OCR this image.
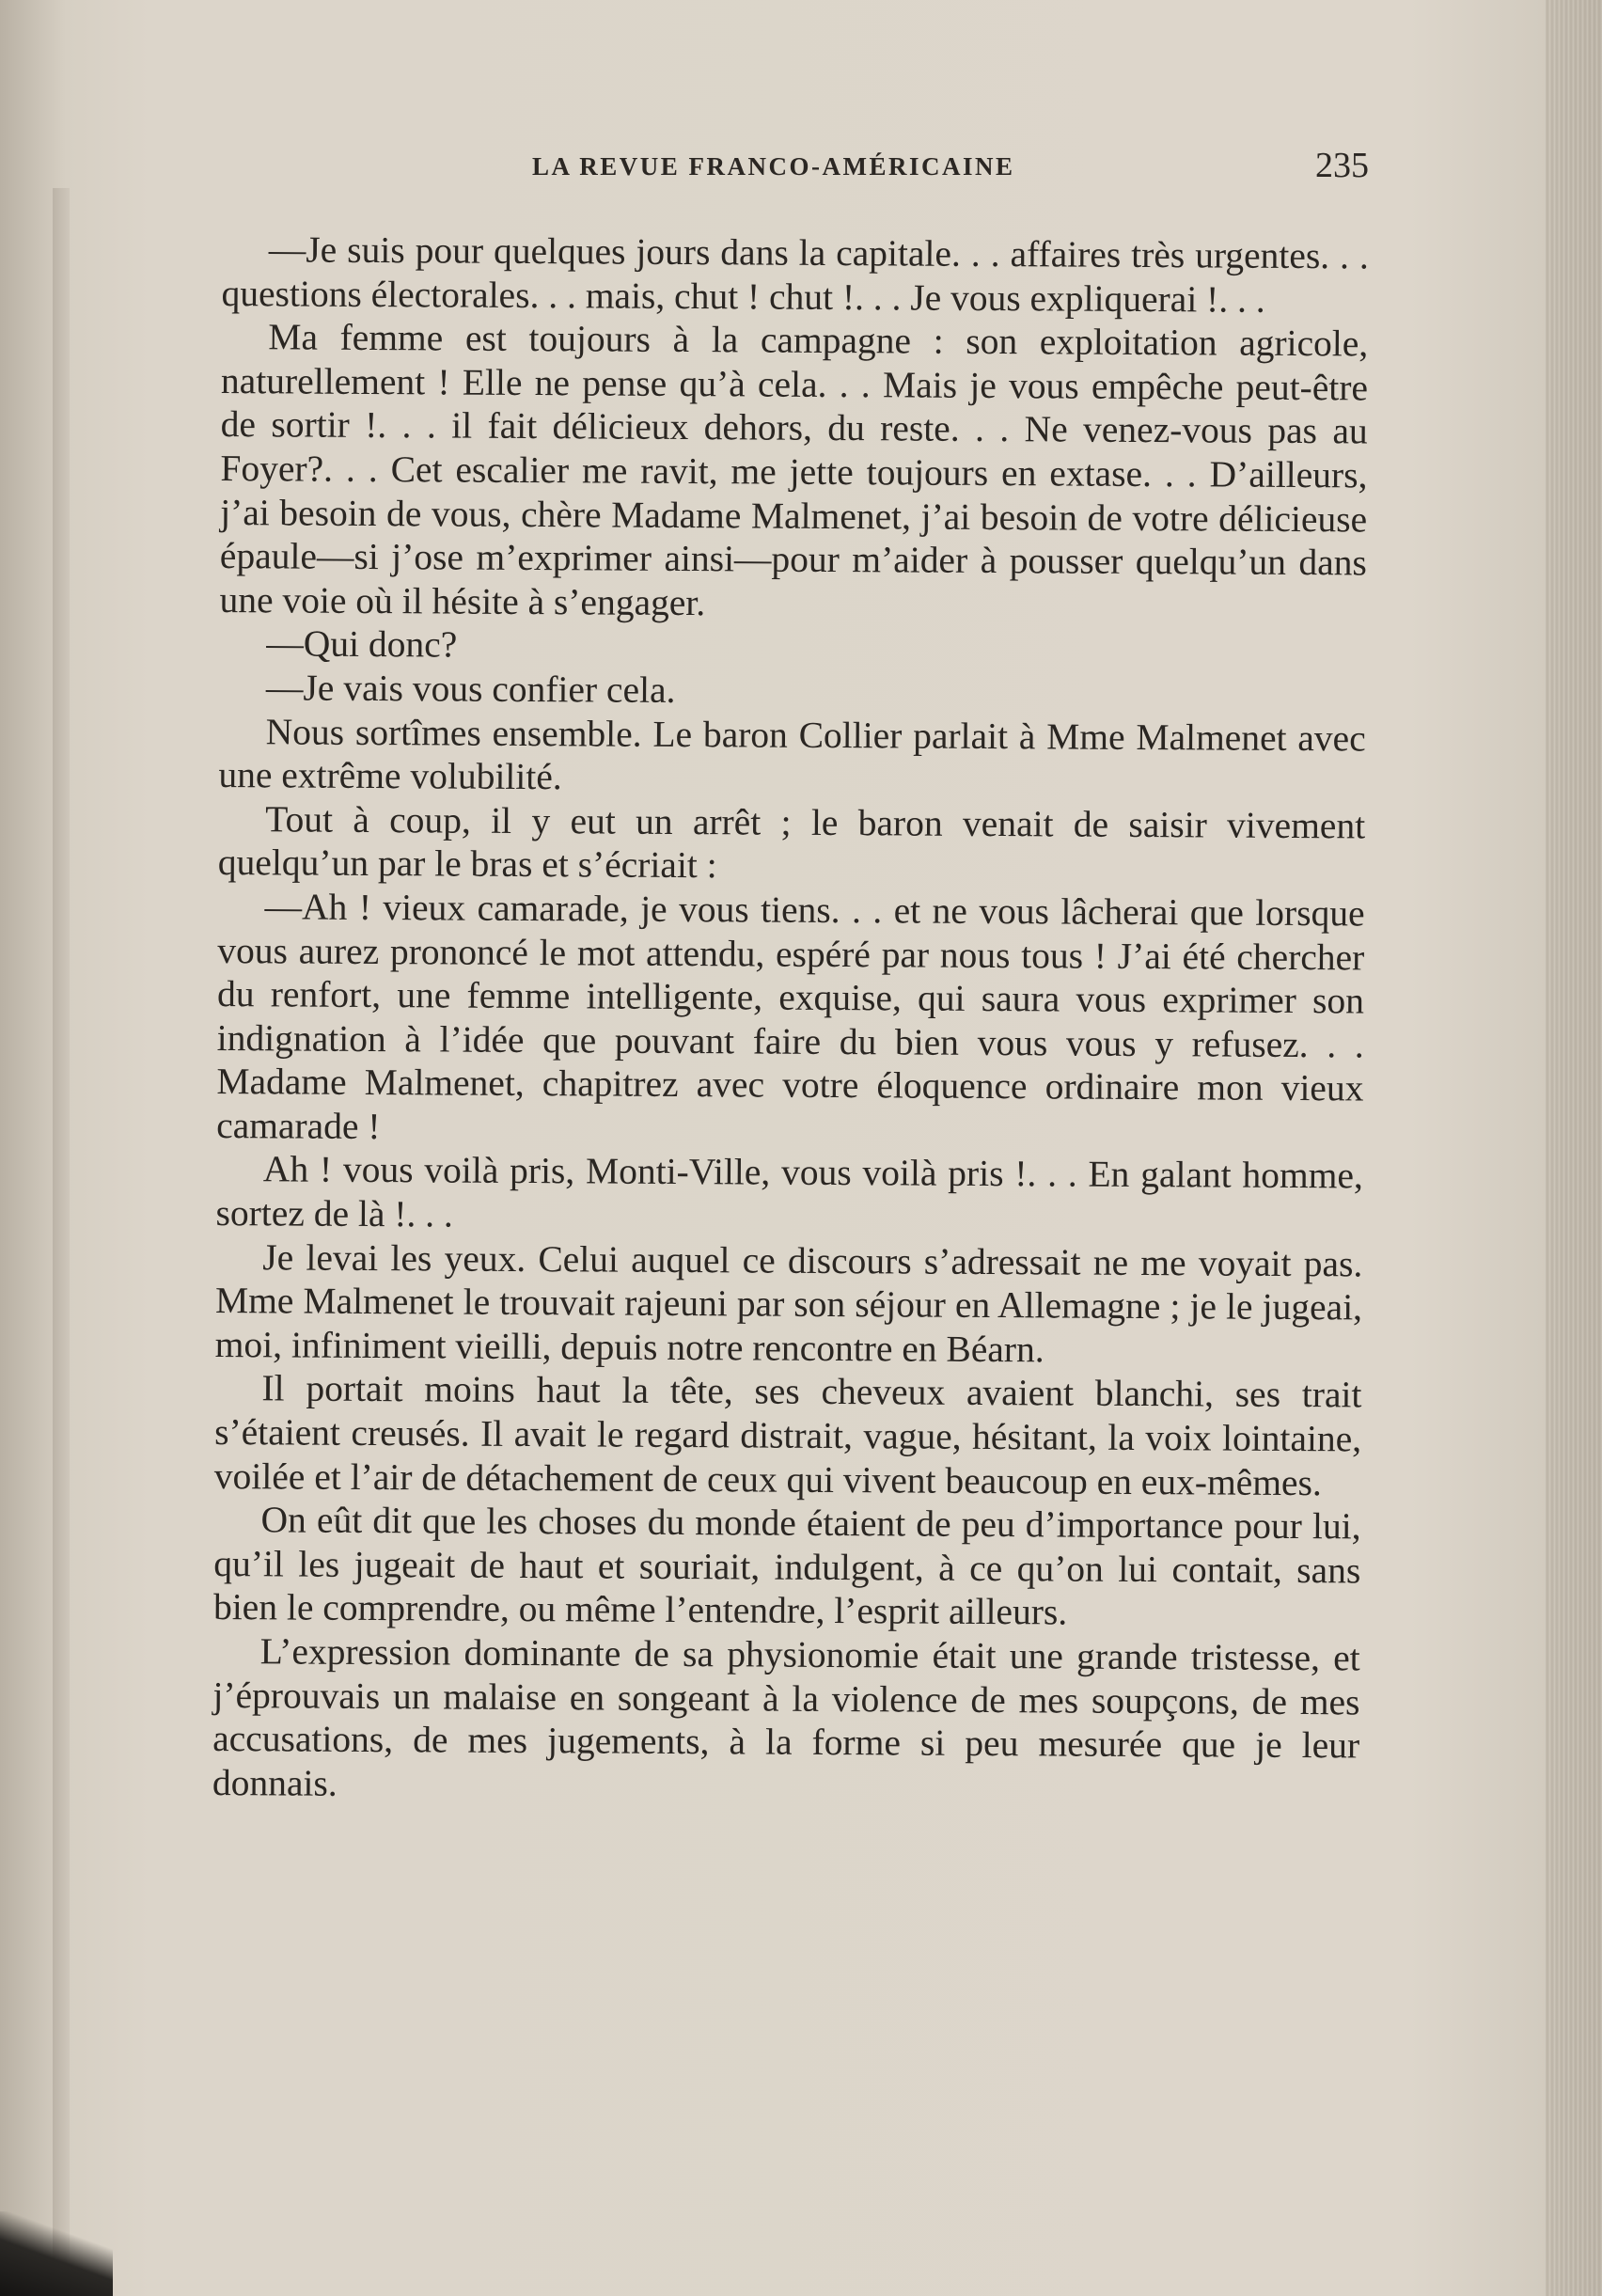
LA REVUE FRANCO-AMÉRICAINE	235

—Je suis pour quelques jours dans la capitale. . . affaires très urgentes. . . questions électorales. . . mais, chut ! chut !. . . Je vous expliquerai !. . .

Ma femme est toujours à la campagne : son exploitation agricole, naturellement ! Elle ne pense qu’à cela. . . Mais je vous empêche peut-être de sortir !. . . il fait délicieux dehors, du reste. . . Ne venez-vous pas au Foyer?. . . Cet escalier me ravit, me jette toujours en extase. . . D’ailleurs, j’ai besoin de vous, chère Madame Malmenet, j’ai besoin de votre délicieuse épaule—si j’ose m’exprimer ainsi—pour m’aider à pousser quelqu’un dans une voie où il hésite à s’engager.

—Qui donc?

—Je vais vous confier cela.

Nous sortîmes ensemble. Le baron Collier parlait à Mme Malmenet avec une extrême volubilité.

Tout à coup, il y eut un arrêt ; le baron venait de saisir vivement quelqu’un par le bras et s’écriait :

—Ah ! vieux camarade, je vous tiens. . . et ne vous lâcherai que lorsque vous aurez prononcé le mot attendu, espéré par nous tous ! J’ai été chercher du renfort, une femme intelligente, exquise, qui saura vous exprimer son indignation à l’idée que pouvant faire du bien vous vous y refusez. . . Madame Malmenet, chapitrez avec votre éloquence ordinaire mon vieux camarade !

Ah ! vous voilà pris, Monti-Ville, vous voilà pris !. . . En galant homme, sortez de là !. . .

Je levai les yeux. Celui auquel ce discours s’adressait ne me voyait pas. Mme Malmenet le trouvait rajeuni par son séjour en Allemagne ; je le jugeai, moi, infiniment vieilli, depuis notre rencontre en Béarn.

Il portait moins haut la tête, ses cheveux avaient blanchi, ses trait s’étaient creusés. Il avait le regard distrait, vague, hésitant, la voix lointaine, voilée et l’air de détachement de ceux qui vivent beaucoup en eux-mêmes.

On eût dit que les choses du monde étaient de peu d’importance pour lui, qu’il les jugeait de haut et souriait, indulgent, à ce qu’on lui contait, sans bien le comprendre, ou même l’entendre, l’esprit ailleurs.

L’expression dominante de sa physionomie était une grande tristesse, et j’éprouvais un malaise en songeant à la violence de mes soupçons, de mes accusations, de mes jugements, à la forme si peu mesurée que je leur donnais.
